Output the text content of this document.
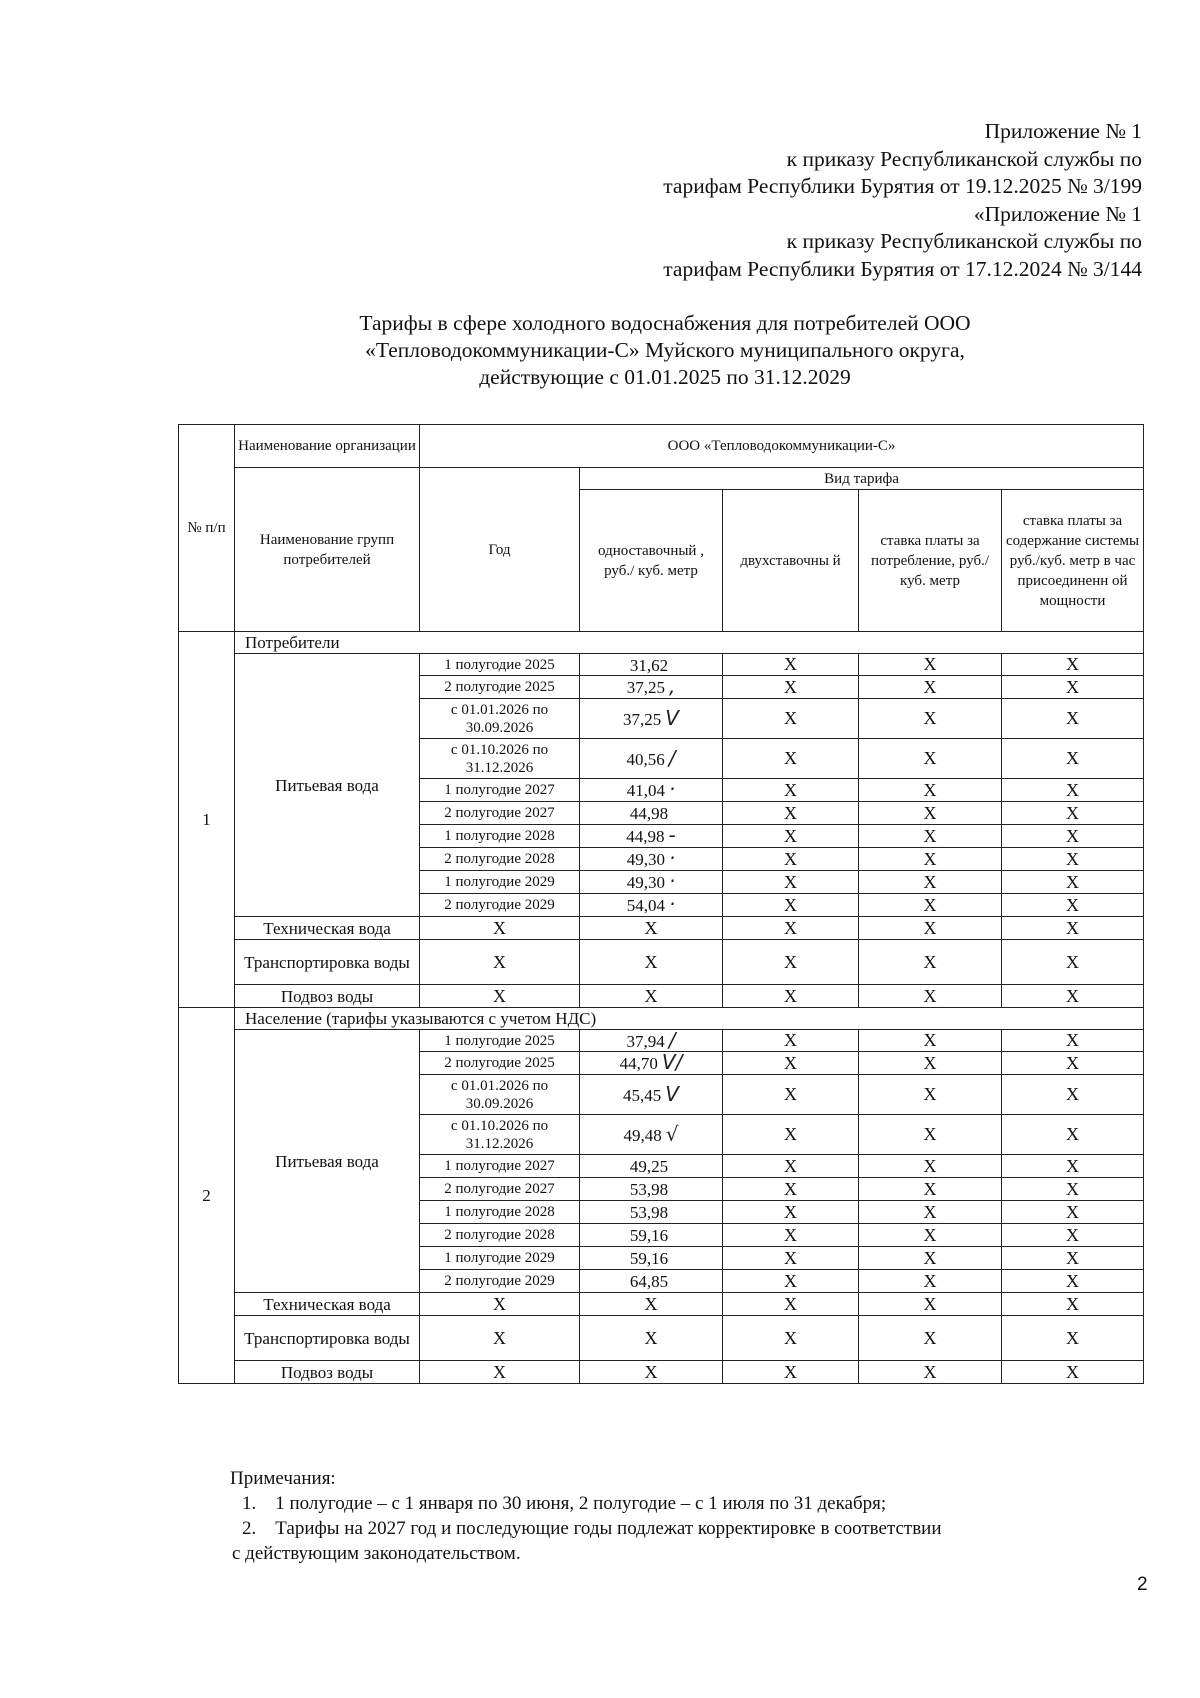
Приложение № 1
к приказу Республиканской службы по
тарифам Республики Бурятия от 19.12.2025 № 3/199
«Приложение № 1
к приказу Республиканской службы по
тарифам Республики Бурятия от 17.12.2024 № 3/144
Тарифы в сфере холодного водоснабжения для потребителей ООО
«Тепловодокоммуникации-С» Муйского муниципального округа,
действующие с 01.01.2025 по 31.12.2029
№ п/п	Наименование организации	ООО «Тепловодокоммуникации-С»				
	Наименование групп потребителей	Год	Вид тарифа			
			одноставочный , руб./ куб. метр	двухставочны й	ставка платы за потребление, руб./ куб. метр	ставка платы за содержание системы руб./куб. метр в час присоединенн ой мощности
1	Потребители					
	Питьевая вода	1 полугодие 2025	31,62	X	X	X
		2 полугодие 2025	37,25 ,	X	X	X
		с 01.01.2026 по 30.09.2026	37,25 V	X	X	X
		с 01.10.2026 по 31.12.2026	40,56 /	X	X	X
		1 полугодие 2027	41,04 ·	X	X	X
		2 полугодие 2027	44,98	X	X	X
		1 полугодие 2028	44,98 -	X	X	X
		2 полугодие 2028	49,30 ·	X	X	X
		1 полугодие 2029	49,30 ·	X	X	X
		2 полугодие 2029	54,04 ·	X	X	X
	Техническая вода	X	X	X	X	X
	Транспортировка воды	X	X	X	X	X
	Подвоз воды	X	X	X	X	X
2	Население (тарифы указываются с учетом НДС)					
	Питьевая вода	1 полугодие 2025	37,94 /	X	X	X
		2 полугодие 2025	44,70 V/	X	X	X
		с 01.01.2026 по 30.09.2026	45,45 V	X	X	X
		с 01.10.2026 по 31.12.2026	49,48 √	X	X	X
		1 полугодие 2027	49,25	X	X	X
		2 полугодие 2027	53,98	X	X	X
		1 полугодие 2028	53,98	X	X	X
		2 полугодие 2028	59,16	X	X	X
		1 полугодие 2029	59,16	X	X	X
		2 полугодие 2029	64,85	X	X	X
	Техническая вода	X	X	X	X	X
	Транспортировка воды	X	X	X	X	X
	Подвоз воды	X	X	X	X	X
Примечания:
1.    1 полугодие – с 1 января по 30 июня, 2 полугодие – с 1 июля по 31 декабря;
2.    Тарифы на 2027 год и последующие годы подлежат корректировке в соответствии
с действующим законодательством.
2
